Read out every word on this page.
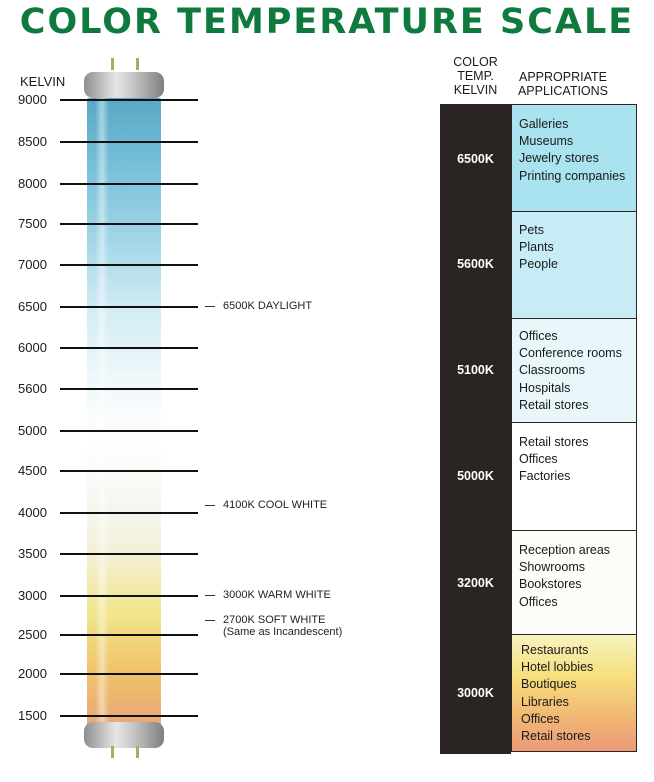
COLOR TEMPERATURE SCALE
KELVIN
9000
8500
8000
7500
7000
6500
6000
5600
5000
4500
4000
3500
3000
2500
2000
1500
6500K DAYLIGHT
4100K COOL WHITE
3000K WARM WHITE
2700K SOFT WHITE
(Same as Incandescent)
COLOR
TEMP.
KELVIN
APPROPRIATE
APPLICATIONS
6500K
Galleries
Museums
Jewelry stores
Printing companies
5600K
Pets
Plants
People
5100K
Offices
Conference rooms
Classrooms
Hospitals
Retail stores
5000K
Retail stores
Offices
Factories
3200K
Reception areas
Showrooms
Bookstores
Offices
3000K
Restaurants
Hotel lobbies
Boutiques
Libraries
Offices
Retail stores
